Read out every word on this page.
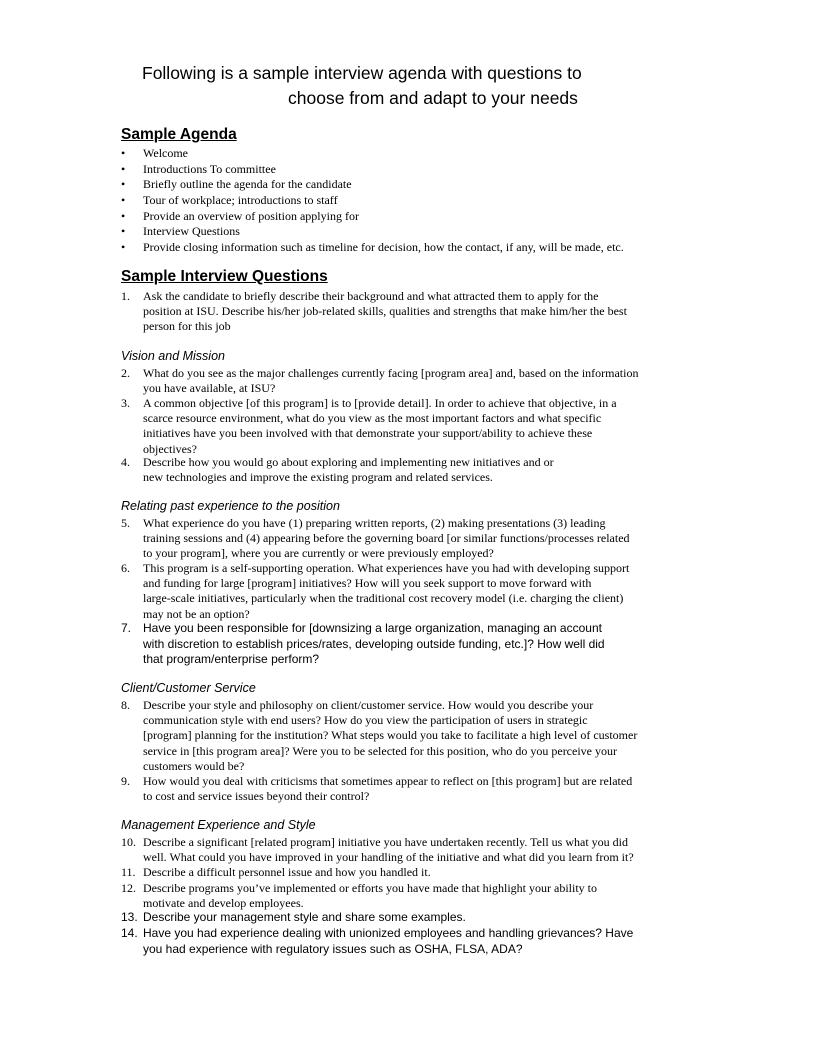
Following is a sample interview agenda with questions to
choose from and adapt to your needs
Sample Agenda
• Welcome
• Introductions To committee
• Briefly outline the agenda for the candidate
• Tour of workplace; introductions to staff
• Provide an overview of position applying for
• Interview Questions
• Provide closing information such as timeline for decision, how the contact, if any, will be made, etc.
Sample Interview Questions
1. Ask the candidate to briefly describe their background and what attracted them to apply for the
position at ISU. Describe his/her job-related skills, qualities and strengths that make him/her the best
person for this job
Vision and Mission
2. What do you see as the major challenges currently facing [program area] and, based on the information
you have available, at ISU?
3. A common objective [of this program] is to [provide detail]. In order to achieve that objective, in a
scarce resource environment, what do you view as the most important factors and what specific
initiatives have you been involved with that demonstrate your support/ability to achieve these
objectives?
4. Describe how you would go about exploring and implementing new initiatives and or
new technologies and improve the existing program and related services.
Relating past experience to the position
5. What experience do you have (1) preparing written reports, (2) making presentations (3) leading
training sessions and (4) appearing before the governing board [or similar functions/processes related
to your program], where you are currently or were previously employed?
6. This program is a self-supporting operation. What experiences have you had with developing support
and funding for large [program] initiatives? How will you seek support to move forward with
large-scale initiatives, particularly when the traditional cost recovery model (i.e. charging the client)
may not be an option?
7. Have you been responsible for [downsizing a large organization, managing an account
with discretion to establish prices/rates, developing outside funding, etc.]? How well did
that program/enterprise perform?
Client/Customer Service
8. Describe your style and philosophy on client/customer service. How would you describe your
communication style with end users? How do you view the participation of users in strategic
[program] planning for the institution? What steps would you take to facilitate a high level of customer
service in [this program area]? Were you to be selected for this position, who do you perceive your
customers would be?
9. How would you deal with criticisms that sometimes appear to reflect on [this program] but are related
to cost and service issues beyond their control?
Management Experience and Style
10. Describe a significant [related program] initiative you have undertaken recently. Tell us what you did
well. What could you have improved in your handling of the initiative and what did you learn from it?
11. Describe a difficult personnel issue and how you handled it.
12. Describe programs you’ve implemented or efforts you have made that highlight your ability to
motivate and develop employees.
13. Describe your management style and share some examples.
14. Have you had experience dealing with unionized employees and handling grievances? Have
you had experience with regulatory issues such as OSHA, FLSA, ADA?
